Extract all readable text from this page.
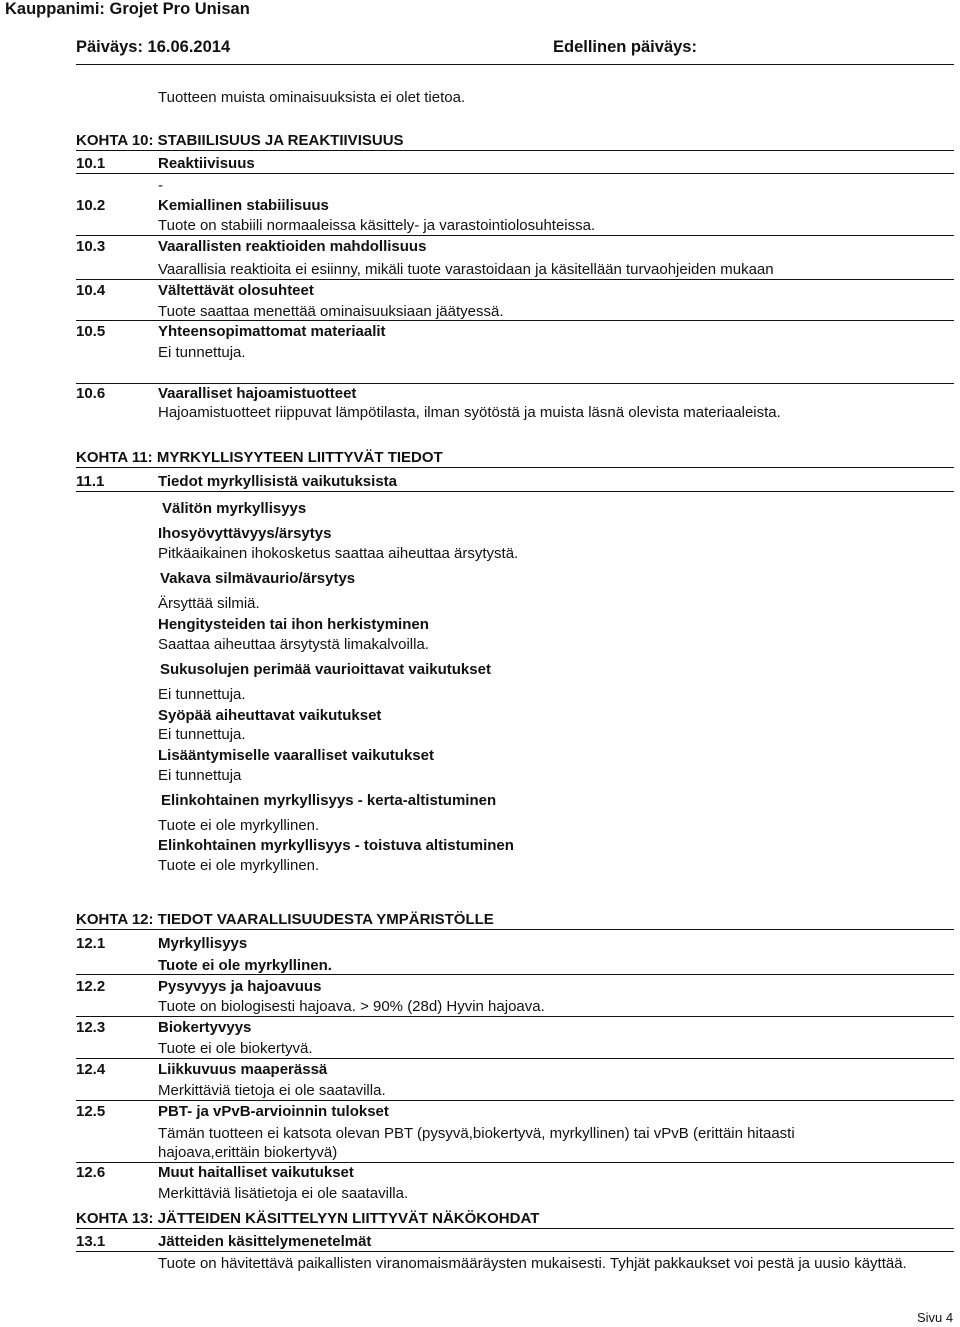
Kauppanimi: Grojet Pro Unisan
Päiväys: 16.06.2014	Edellinen päiväys:
Tuotteen muista ominaisuuksista ei olet tietoa.
KOHTA 10: STABIILISUUS JA REAKTIIVISUUS
10.1	Reaktiivisuus
-
10.2	Kemiallinen stabiilisuus
Tuote on stabiili normaaleissa käsittely- ja varastointiolosuhteissa.
10.3	Vaarallisten reaktioiden mahdollisuus
Vaarallisia reaktioita ei esiinny, mikäli tuote varastoidaan ja käsitellään turvaohjeiden mukaan
10.4	Vältettävät olosuhteet
Tuote saattaa menettää ominaisuuksiaan jäätyessä.
10.5	Yhteensopimattomat materiaalit
Ei tunnettuja.
10.6	Vaaralliset hajoamistuotteet
Hajoamistuotteet riippuvat lämpötilasta, ilman syötöstä ja muista läsnä olevista materiaaleista.
KOHTA 11: MYRKYLLISYYTEEN LIITTYVÄT TIEDOT
11.1	Tiedot myrkyllisistä vaikutuksista
Välitön myrkyllisyys
Ihosyövyttävyys/ärsytys
Pitkäaikainen ihokosketus saattaa aiheuttaa ärsytystä.
Vakava silmävaurio/ärsytys
Ärsyttää silmiä.
Hengitysteiden tai ihon herkistyminen
Saattaa aiheuttaa ärsytystä limakalvoilla.
Sukusolujen perimää vaurioittavat vaikutukset
Ei tunnettuja.
Syöpää aiheuttavat vaikutukset
Ei tunnettuja.
Lisääntymiselle vaaralliset vaikutukset
Ei tunnettuja
Elinkohtainen myrkyllisyys - kerta-altistuminen
Tuote ei ole myrkyllinen.
Elinkohtainen myrkyllisyys - toistuva altistuminen
Tuote ei ole myrkyllinen.
KOHTA 12: TIEDOT VAARALLISUUDESTA YMPÄRISTÖLLE
12.1	Myrkyllisyys
Tuote ei ole myrkyllinen.
12.2	Pysyvyys ja hajoavuus
Tuote on biologisesti hajoava. > 90% (28d) Hyvin hajoava.
12.3	Biokertyvyys
Tuote ei ole biokertyvä.
12.4	Liikkuvuus maaperässä
Merkittäviä tietoja ei ole saatavilla.
12.5	PBT- ja vPvB-arvioinnin tulokset
Tämän tuotteen ei katsota olevan PBT (pysyvä,biokertyvä, myrkyllinen) tai vPvB (erittäin hitaasti hajoava,erittäin biokertyvä)
12.6	Muut haitalliset vaikutukset
Merkittäviä lisätietoja ei ole saatavilla.
KOHTA 13: JÄTTEIDEN KÄSITTELYYN LIITTYVÄT NÄKÖKOHDAT
13.1	Jätteiden käsittelymenetelmät
Tuote on hävitettävä paikallisten viranomaismääräysten mukaisesti. Tyhjät pakkaukset voi pestä ja uusio käyttää.
Sivu 4
